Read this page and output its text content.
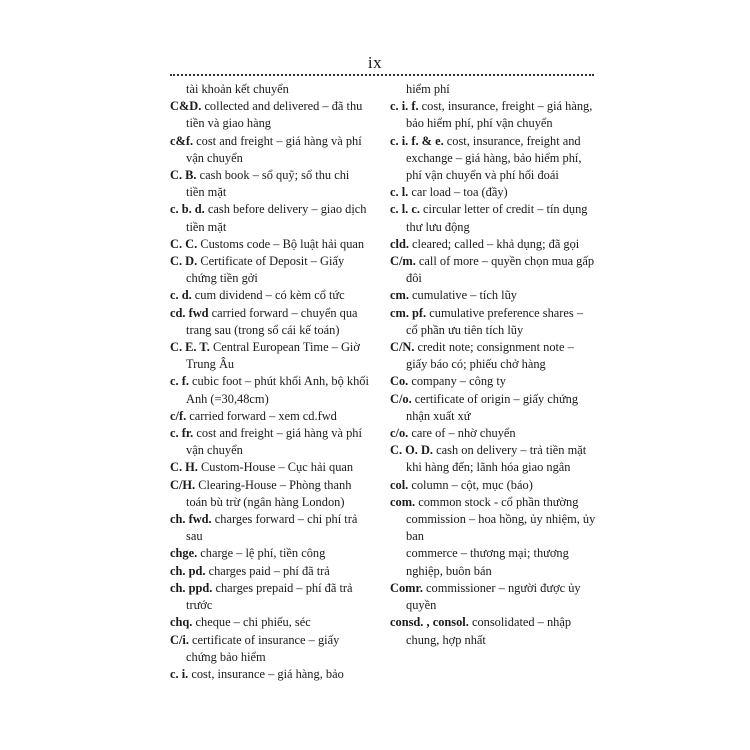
ix
tài khoản kết chuyển
C&D. collected and delivered – đã thu tiền và giao hàng
c&f. cost and freight – giá hàng và phí vận chuyển
C. B. cash book – sổ quỹ; sổ thu chi tiền mặt
c. b. d. cash before delivery – giao dịch tiền mặt
C. C. Customs code – Bộ luật hải quan
C. D. Certificate of Deposit – Giấy chứng tiền gởi
c. d. cum dividend – có kèm cổ tức
cd. fwd carried forward – chuyển qua trang sau (trong sổ cái kế toán)
C. E. T. Central European Time – Giờ Trung Âu
c. f. cubic foot – phút khối Anh, bộ khối Anh (=30,48cm)
c/f. carried forward – xem cd.fwd
c. fr. cost and freight – giá hàng và phí vận chuyển
C. H. Custom-House – Cục hải quan
C/H. Clearing-House – Phòng thanh toán bù trừ (ngân hàng London)
ch. fwd. charges forward – chi phí trả sau
chge. charge – lệ phí, tiền công
ch. pd. charges paid – phí đã trả
ch. ppd. charges prepaid – phí đã trả trước
chq. cheque – chi phiếu, séc
C/i. certificate of insurance – giấy chứng bảo hiểm
c. i. cost, insurance – giá hàng, bảo
hiểm phí
c. i. f. cost, insurance, freight – giá hàng, bảo hiểm phí, phí vận chuyển
c. i. f. & e. cost, insurance, freight and exchange – giá hàng, bảo hiểm phí, phí vận chuyển và phí hối đoái
c. l. car load – toa (đầy)
c. l. c. circular letter of credit – tín dụng thư lưu động
cld. cleared; called – khả dụng; đã gọi
C/m. call of more – quyền chọn mua gấp đôi
cm. cumulative – tích lũy
cm. pf. cumulative preference shares – cổ phần ưu tiên tích lũy
C/N. credit note; consignment note – giấy báo có; phiếu chở hàng
Co. company – công ty
C/o. certificate of origin – giấy chứng nhận xuất xứ
c/o. care of – nhờ chuyển
C. O. D. cash on delivery – trả tiền mặt khi hàng đến; lãnh hóa giao ngân
col. column – cột, mục (báo)
com. common stock - cổ phần thường
commission – hoa hồng, ủy nhiệm, ủy ban
commerce – thương mại; thương nghiệp, buôn bán
Comr. commissioner – người được ủy quyền
consd. , consol. consolidated – nhập chung, hợp nhất
